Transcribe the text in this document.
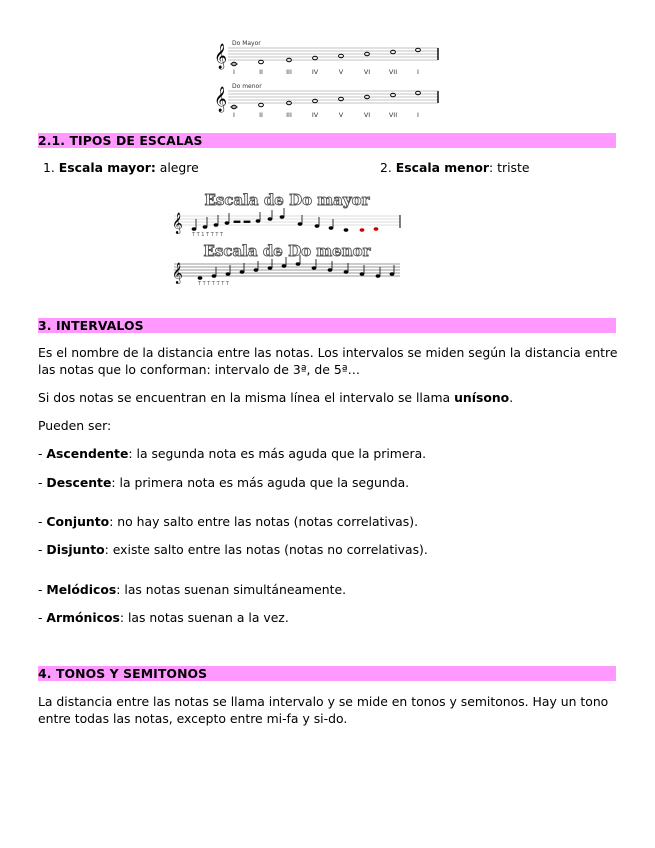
Do Mayor
𝄞
I	II	III	IV	V	VI	VII	I
Do menor
𝄞
I	II	III	IV	V	VI	VII	I
2.1. TIPOS DE ESCALAS
1. Escala mayor: alegre	2. Escala menor: triste
Escala de Do mayor
𝄞
T T 1 T T T T
Escala de Do menor
𝄞	T T T T T T T
3. INTERVALOS
Es el nombre de la distancia entre las notas. Los intervalos se miden según la distancia entre las notas que lo conforman: intervalo de 3ª, de 5ª…
Si dos notas se encuentran en la misma línea el intervalo se llama unísono.
Pueden ser:
- Ascendente: la segunda nota es más aguda que la primera.
- Descente: la primera nota es más aguda que la segunda.
- Conjunto: no hay salto entre las notas (notas correlativas).
- Disjunto: existe salto entre las notas (notas no correlativas).
- Melódicos: las notas suenan simultáneamente.
- Armónicos: las notas suenan a la vez.
4. TONOS Y SEMITONOS
La distancia entre las notas se llama intervalo y se mide en tonos y semitonos. Hay un tono entre todas las notas, excepto entre mi-fa y si-do.
